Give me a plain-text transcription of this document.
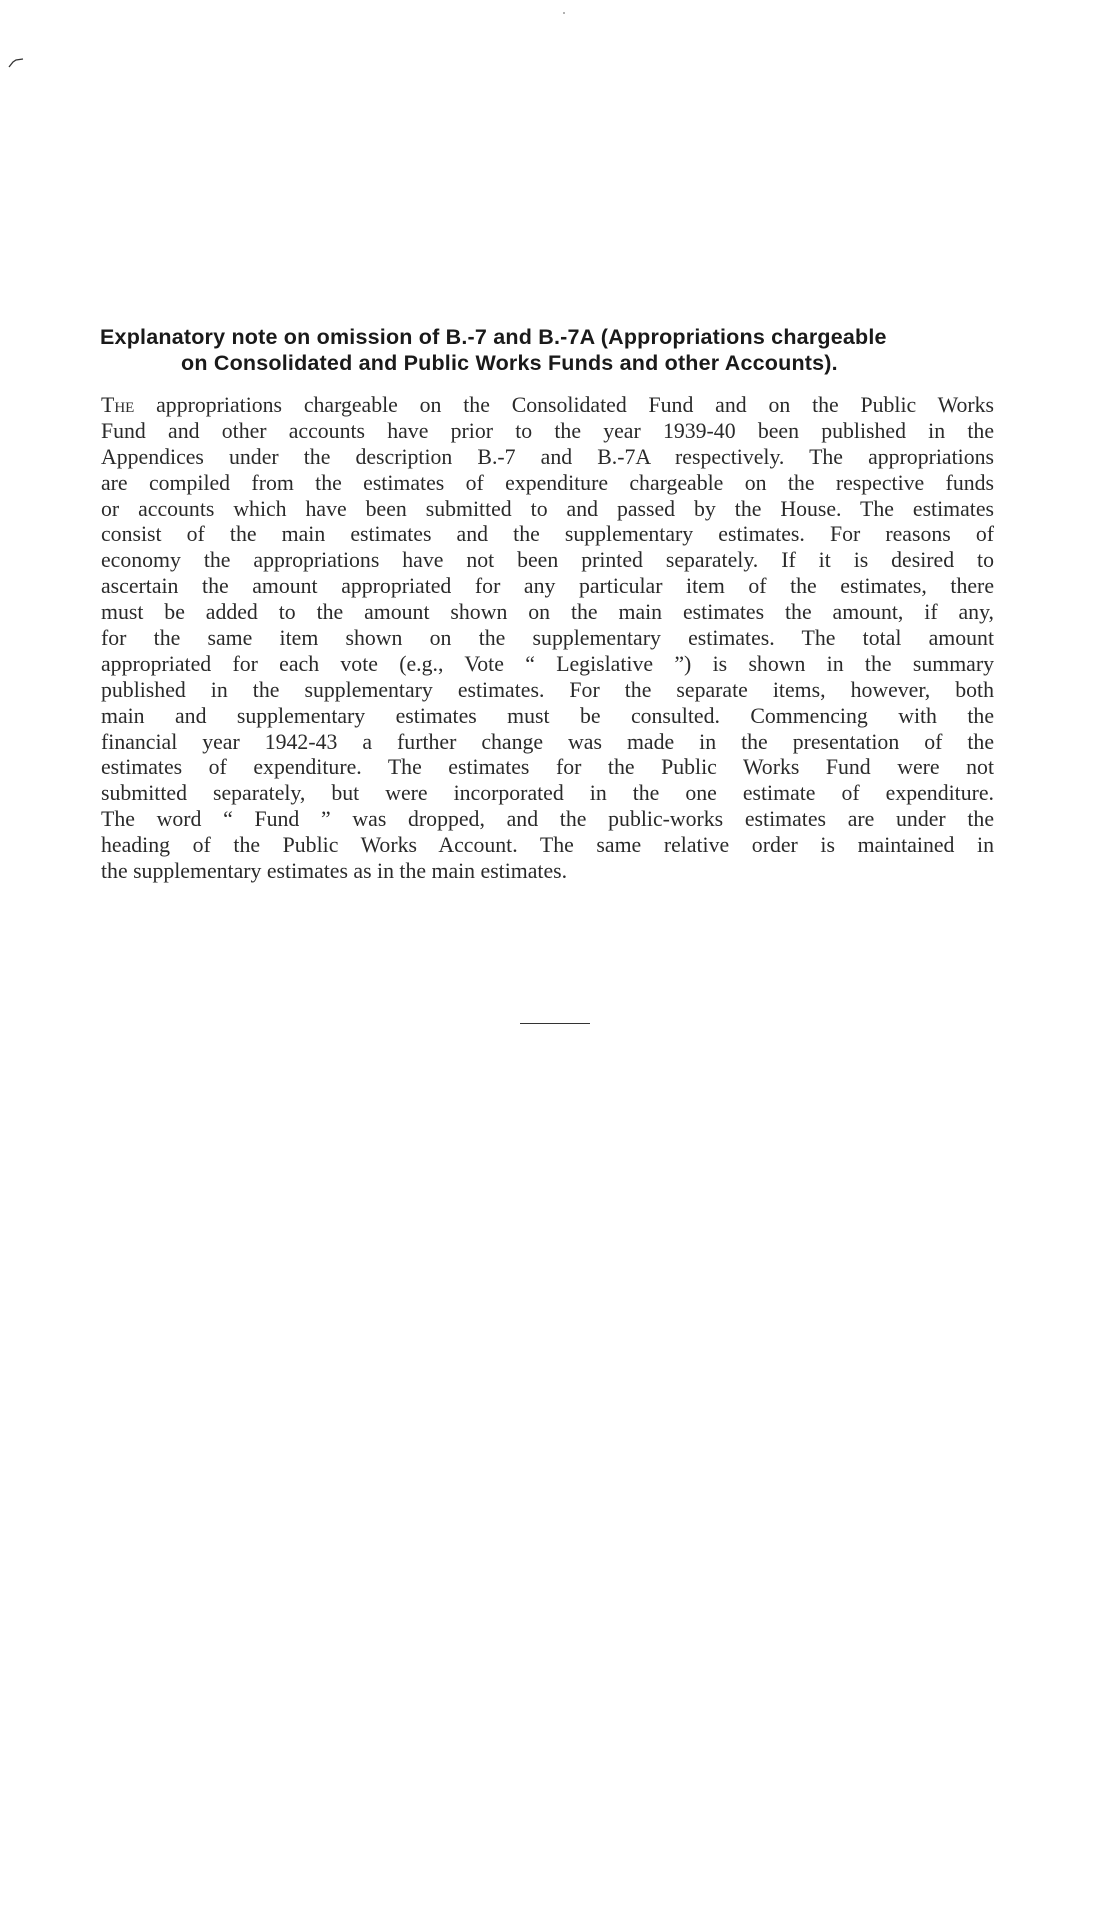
Explanatory note on omission of B.-7 and B.-7A (Appropriations chargeable
on Consolidated and Public Works Funds and other Accounts).
The appropriations chargeable on the Consolidated Fund and on the Public Works
Fund and other accounts have prior to the year 1939-40 been published in the
Appendices under the description B.-7 and B.-7A respectively. The appropriations
are compiled from the estimates of expenditure chargeable on the respective funds
or accounts which have been submitted to and passed by the House. The estimates
consist of the main estimates and the supplementary estimates. For reasons of
economy the appropriations have not been printed separately. If it is desired to
ascertain the amount appropriated for any particular item of the estimates, there
must be added to the amount shown on the main estimates the amount, if any,
for the same item shown on the supplementary estimates. The total amount
appropriated for each vote (e.g., Vote “ Legislative ”) is shown in the summary
published in the supplementary estimates. For the separate items, however, both
main and supplementary estimates must be consulted. Commencing with the
financial year 1942-43 a further change was made in the presentation of the
estimates of expenditure. The estimates for the Public Works Fund were not
submitted separately, but were incorporated in the one estimate of expenditure.
The word “ Fund ” was dropped, and the public-works estimates are under the
heading of the Public Works Account. The same relative order is maintained in
the supplementary estimates as in the main estimates.
